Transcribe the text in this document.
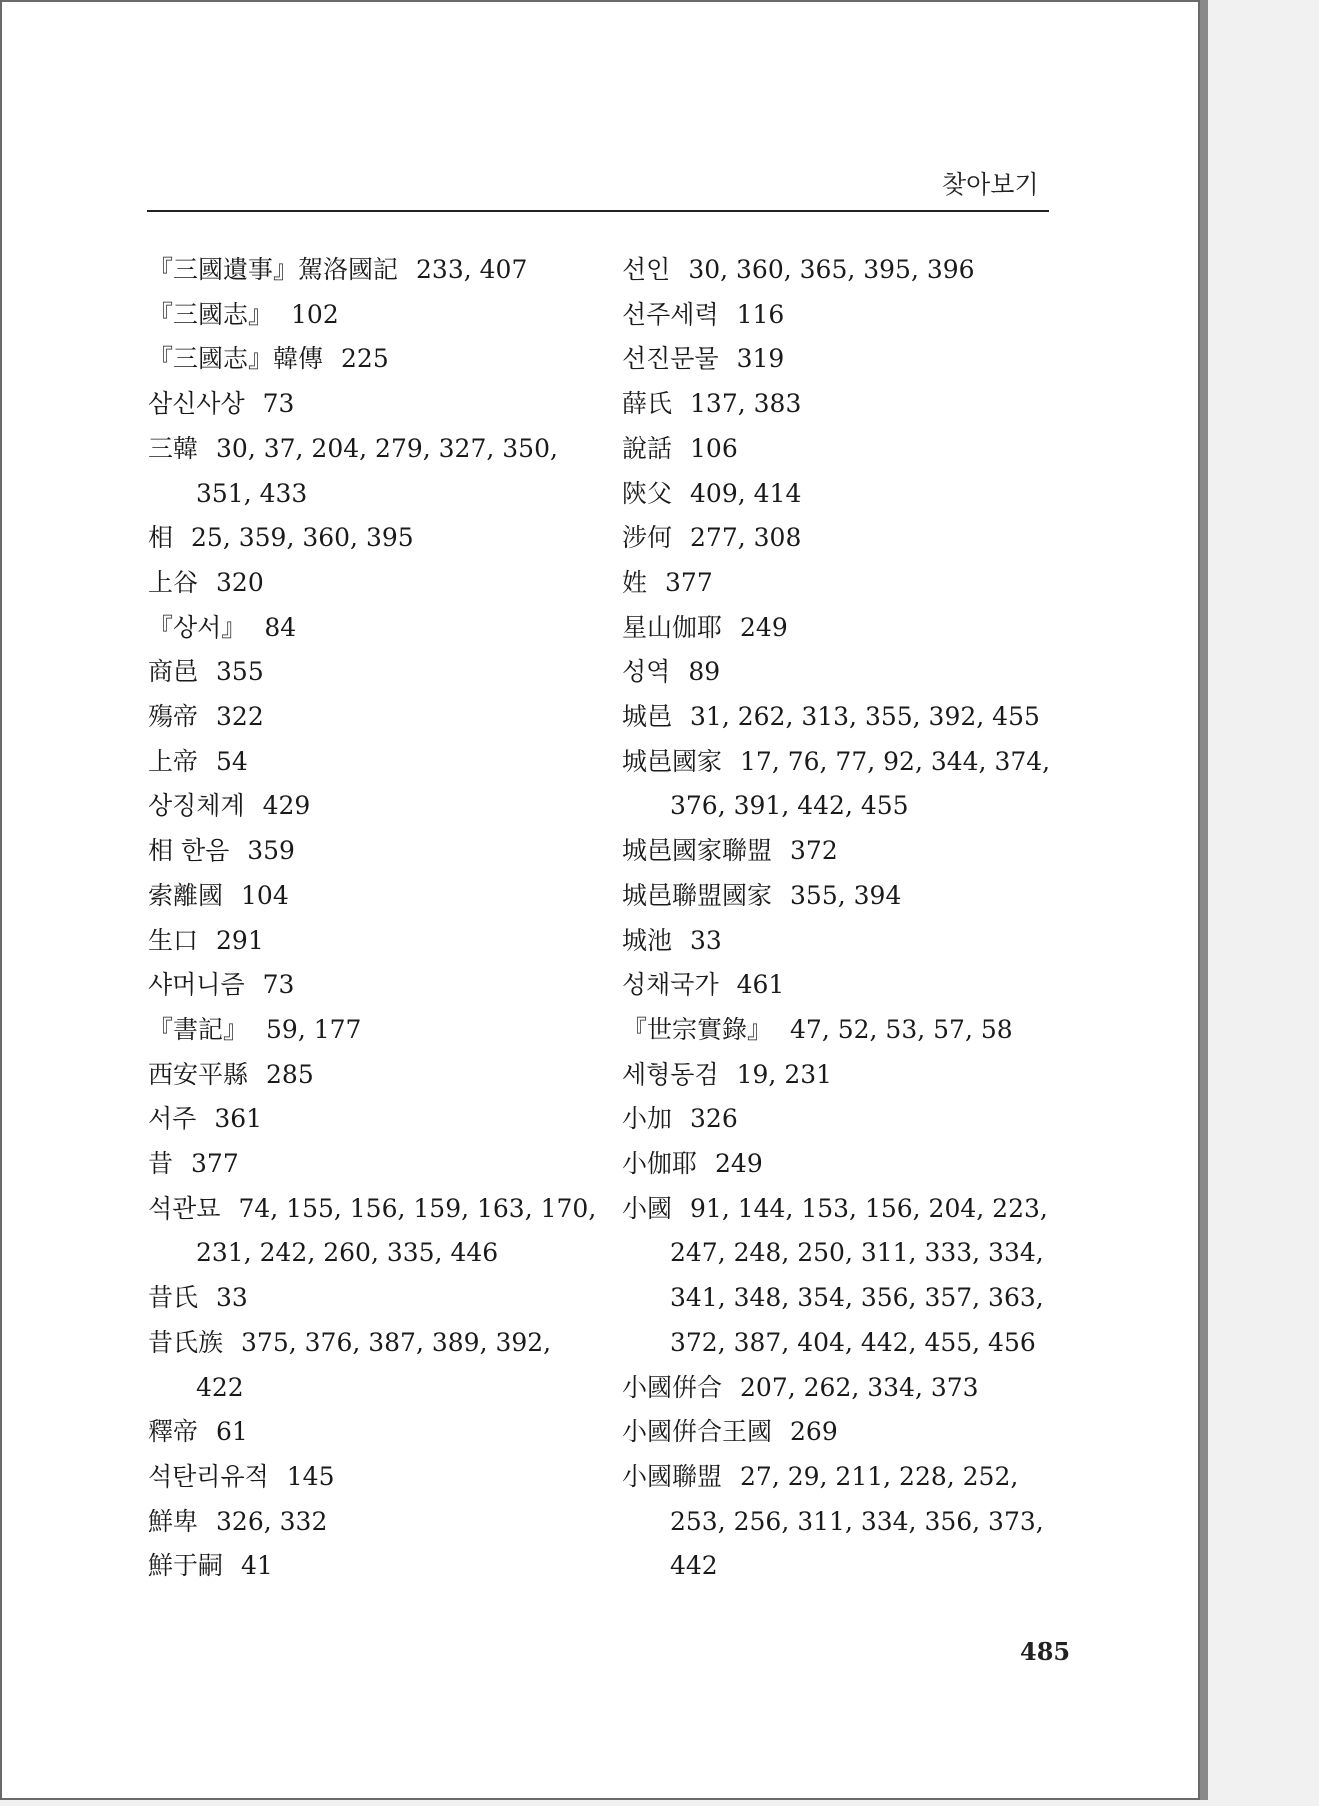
찾아보기
『三國遺事』駕洛國記 233, 407
『三國志』 102
『三國志』韓傳 225
삼신사상 73
三韓 30, 37, 204, 279, 327, 350, 351, 433
相 25, 359, 360, 395
上谷 320
『상서』 84
商邑 355
殤帝 322
上帝 54
상징체계 429
相 한음 359
索離國 104
生口 291
샤머니즘 73
『書記』 59, 177
西安平縣 285
서주 361
昔 377
석관묘 74, 155, 156, 159, 163, 170, 231, 242, 260, 335, 446
昔氏 33
昔氏族 375, 376, 387, 389, 392, 422
釋帝 61
석탄리유적 145
鮮卑 326, 332
鮮于嗣 41
선인 30, 360, 365, 395, 396
선주세력 116
선진문물 319
薛氏 137, 383
說話 106
陝父 409, 414
涉何 277, 308
姓 377
星山伽耶 249
성역 89
城邑 31, 262, 313, 355, 392, 455
城邑國家 17, 76, 77, 92, 344, 374, 376, 391, 442, 455
城邑國家聯盟 372
城邑聯盟國家 355, 394
城池 33
성채국가 461
『世宗實錄』 47, 52, 53, 57, 58
세형동검 19, 231
小加 326
小伽耶 249
小國 91, 144, 153, 156, 204, 223, 247, 248, 250, 311, 333, 334, 341, 348, 354, 356, 357, 363, 372, 387, 404, 442, 455, 456
小國倂合 207, 262, 334, 373
小國倂合王國 269
小國聯盟 27, 29, 211, 228, 252, 253, 256, 311, 334, 356, 373, 442
485
